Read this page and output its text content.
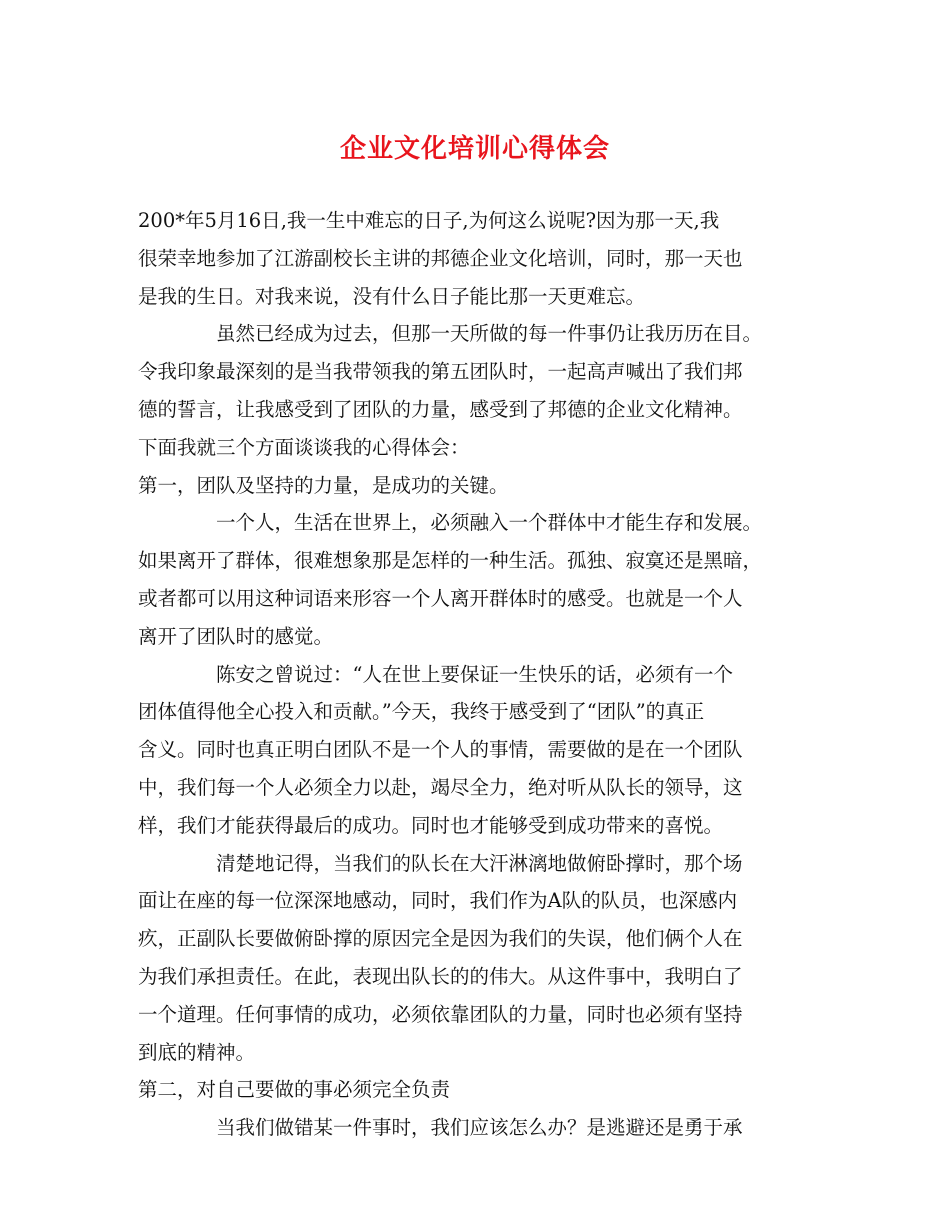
企业文化培训心得体会
200*年5月16日,我一生中难忘的日子,为何这么说呢?因为那一天,我
很荣幸地参加了江游副校长主讲的邦德企业文化培训，同时，那一天也
是我的生日。对我来说，没有什么日子能比那一天更难忘。
虽然已经成为过去，但那一天所做的每一件事仍让我历历在目。
令我印象最深刻的是当我带领我的第五团队时，一起高声喊出了我们邦
德的誓言，让我感受到了团队的力量，感受到了邦德的企业文化精神。
下面我就三个方面谈谈我的心得体会：
第一，团队及坚持的力量，是成功的关键。
一个人，生活在世界上，必须融入一个群体中才能生存和发展。
如果离开了群体，很难想象那是怎样的一种生活。孤独、寂寞还是黑暗，
或者都可以用这种词语来形容一个人离开群体时的感受。也就是一个人
离开了团队时的感觉。
陈安之曾说过：“人在世上要保证一生快乐的话，必须有一个
团体值得他全心投入和贡献。”今天，我终于感受到了“团队”的真正
含义。同时也真正明白团队不是一个人的事情，需要做的是在一个团队
中，我们每一个人必须全力以赴，竭尽全力，绝对听从队长的领导，这
样，我们才能获得最后的成功。同时也才能够受到成功带来的喜悦。
清楚地记得，当我们的队长在大汗淋漓地做俯卧撑时，那个场
面让在座的每一位深深地感动，同时，我们作为A队的队员，也深感内
疚，正副队长要做俯卧撑的原因完全是因为我们的失误，他们俩个人在
为我们承担责任。在此，表现出队长的的伟大。从这件事中，我明白了
一个道理。任何事情的成功，必须依靠团队的力量，同时也必须有坚持
到底的精神。
第二，对自己要做的事必须完全负责
当我们做错某一件事时，我们应该怎么办？是逃避还是勇于承
